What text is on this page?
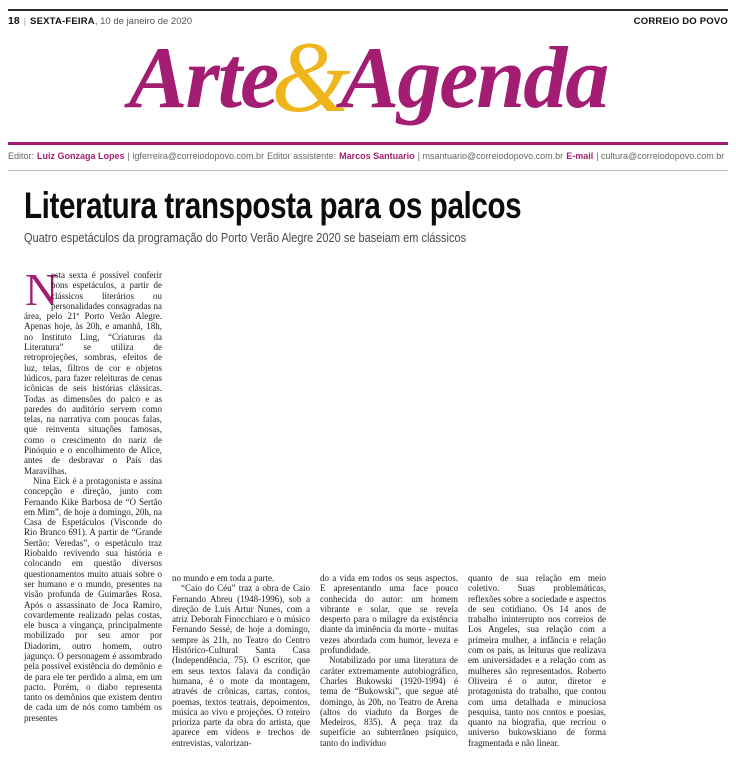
18 | SEXTA-FEIRA , 10 de janeiro de 2020	CORREIO DO POVO
Arte&Agenda
Editor: Luiz Gonzaga Lopes | lgferreira@correiodopovo.com.br Editor assistente: Marcos Santuario | msantuario@correiodopovo.com.br E-mail | cultura@correiodopovo.com.br
Literatura transposta para os palcos
Quatro espetáculos da programação do Porto Verão Alegre 2020 se baseiam em clássicos

N
esta sexta é possível conferir bons espetáculos, a partir de clássicos literários ou personalidades consagradas na área, pelo 21º Porto Verão Alegre. Apenas hoje, às 20h, e amanhã, 18h, no Instituto Ling, “Criaturas da Literatura” se utiliza de retroprojeções, sombras, efeitos de luz, telas, filtros de cor e objetos lúdicos, para fazer releituras de cenas icônicas de seis histórias clássicas. Todas as dimensões do palco e as paredes do auditório servem como telas, na narrativa com poucas falas, que reinventa situações famosas, como o crescimento do nariz de Pinóquio e o encolhimento de Alice, antes de desbravar o País das Maravilhas.

Nina Eick é a protagonista e assina concepção e direção, junto com Fernando Kike Barbosa de “O Sertão em Mim”, de hoje a domingo, 20h, na Casa de Espetáculos (Visconde do Rio Branco 691). A partir de “Grande Sertão: Veredas”, o espetáculo traz Riobaldo revivendo sua história e colocando em questão diversos questionamentos muito atuais sobre o ser humano e o mundo, presentes na visão profunda de Guimarães Rosa. Após o assassinato de Joca Ramiro, covardemente realizado pelas costas, ele busca a vingança, principalmente mobilizado por seu amor por Diadorim, outro homem, outro jagunço. O personagem é assombrado pela possível existência do demônio e de para ele ter perdido a alma, em um pacto. Porém, o diabo representa tanto os demônios que existem dentro de cada um de nós como também os presentes

no mundo e em toda a parte.

“Caio do Céu” traz a obra de Caio Fernando Abreu (1948-1996), sob a direção de Luís Artur Nunes, com a atriz Deborah Finocchiaro e o músico Fernando Sessé, de hoje a domingo, sempre às 21h, no Teatro do Centro Histórico-Cultural Santa Casa (Independência, 75). O escritor, que em seus textos falava da condição humana, é o mote da montagem, através de crônicas, cartas, contos, poemas, textos teatrais, depoimentos, música ao vivo e projeções. O roteiro prioriza parte da obra do artista, que aparece em vídeos e trechos de entrevistas, valorizan-

do a vida em todos os seus aspectos. E apresentando uma face pouco conhecida do autor: um homem vibrante e solar, que se revela desperto para o milagre da existência diante da iminência da morte - muitas vezes abordada com humor, leveza e profundidade.

Notabilizado por uma literatura de caráter extremamente autobiográfico, Charles Bukowski (1920-1994) é tema de “Bukowski”, que segue até domingo, às 20h, no Teatro de Arena (altos do viaduto da Borges de Medeiros, 835). A peça traz da superfície ao subterrâneo psíquico, tanto do indivíduo

quanto de sua relação em meio coletivo. Suas problemáticas, reflexões sobre a sociedade e aspectos de seu cotidiano. Os 14 anos de trabalho ininterrupto nos correios de Los Angeles, sua relação com a primeira mulher, a infância e relação com os pais, as leituras que realizava em universidades e a relação com as mulheres são representados. Roberto Oliveira é o autor, diretor e protagonista do trabalho, que contou com uma detalhada e minuciosa pesquisa, tanto nos contos e poesias, quanto na biografia, que recriou o universo bukowskiano de forma fragmentada e não linear.
